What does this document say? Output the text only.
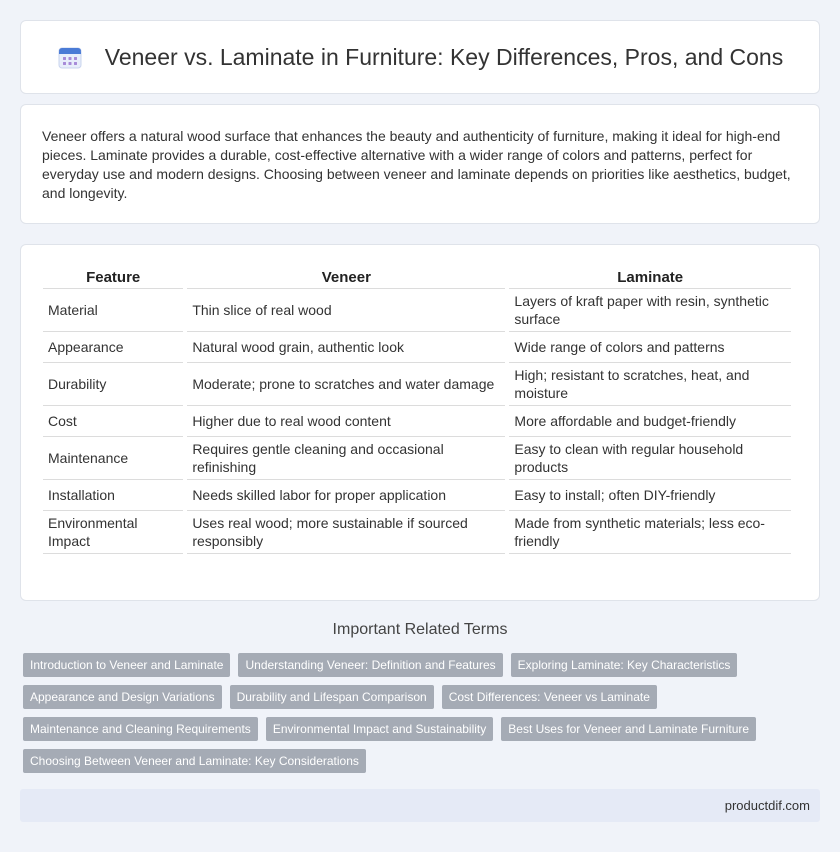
Veneer vs. Laminate in Furniture: Key Differences, Pros, and Cons

Veneer offers a natural wood surface that enhances the beauty and authenticity of furniture, making it ideal for high-end pieces. Laminate provides a durable, cost-effective alternative with a wider range of colors and patterns, perfect for everyday use and modern designs. Choosing between veneer and laminate depends on priorities like aesthetics, budget, and longevity.

Feature	Veneer	Laminate
Material	Thin slice of real wood	Layers of kraft paper with resin, synthetic surface
Appearance	Natural wood grain, authentic look	Wide range of colors and patterns
Durability	Moderate; prone to scratches and water damage	High; resistant to scratches, heat, and moisture
Cost	Higher due to real wood content	More affordable and budget-friendly
Maintenance	Requires gentle cleaning and occasional refinishing	Easy to clean with regular household products
Installation	Needs skilled labor for proper application	Easy to install; often DIY-friendly
Environmental Impact	Uses real wood; more sustainable if sourced responsibly	Made from synthetic materials; less eco-friendly
Important Related Terms
Introduction to Veneer and Laminate	Understanding Veneer: Definition and Features	Exploring Laminate: Key Characteristics
Appearance and Design Variations	Durability and Lifespan Comparison	Cost Differences: Veneer vs Laminate
Maintenance and Cleaning Requirements	Environmental Impact and Sustainability	Best Uses for Veneer and Laminate Furniture
Choosing Between Veneer and Laminate: Key Considerations
productdif.com
